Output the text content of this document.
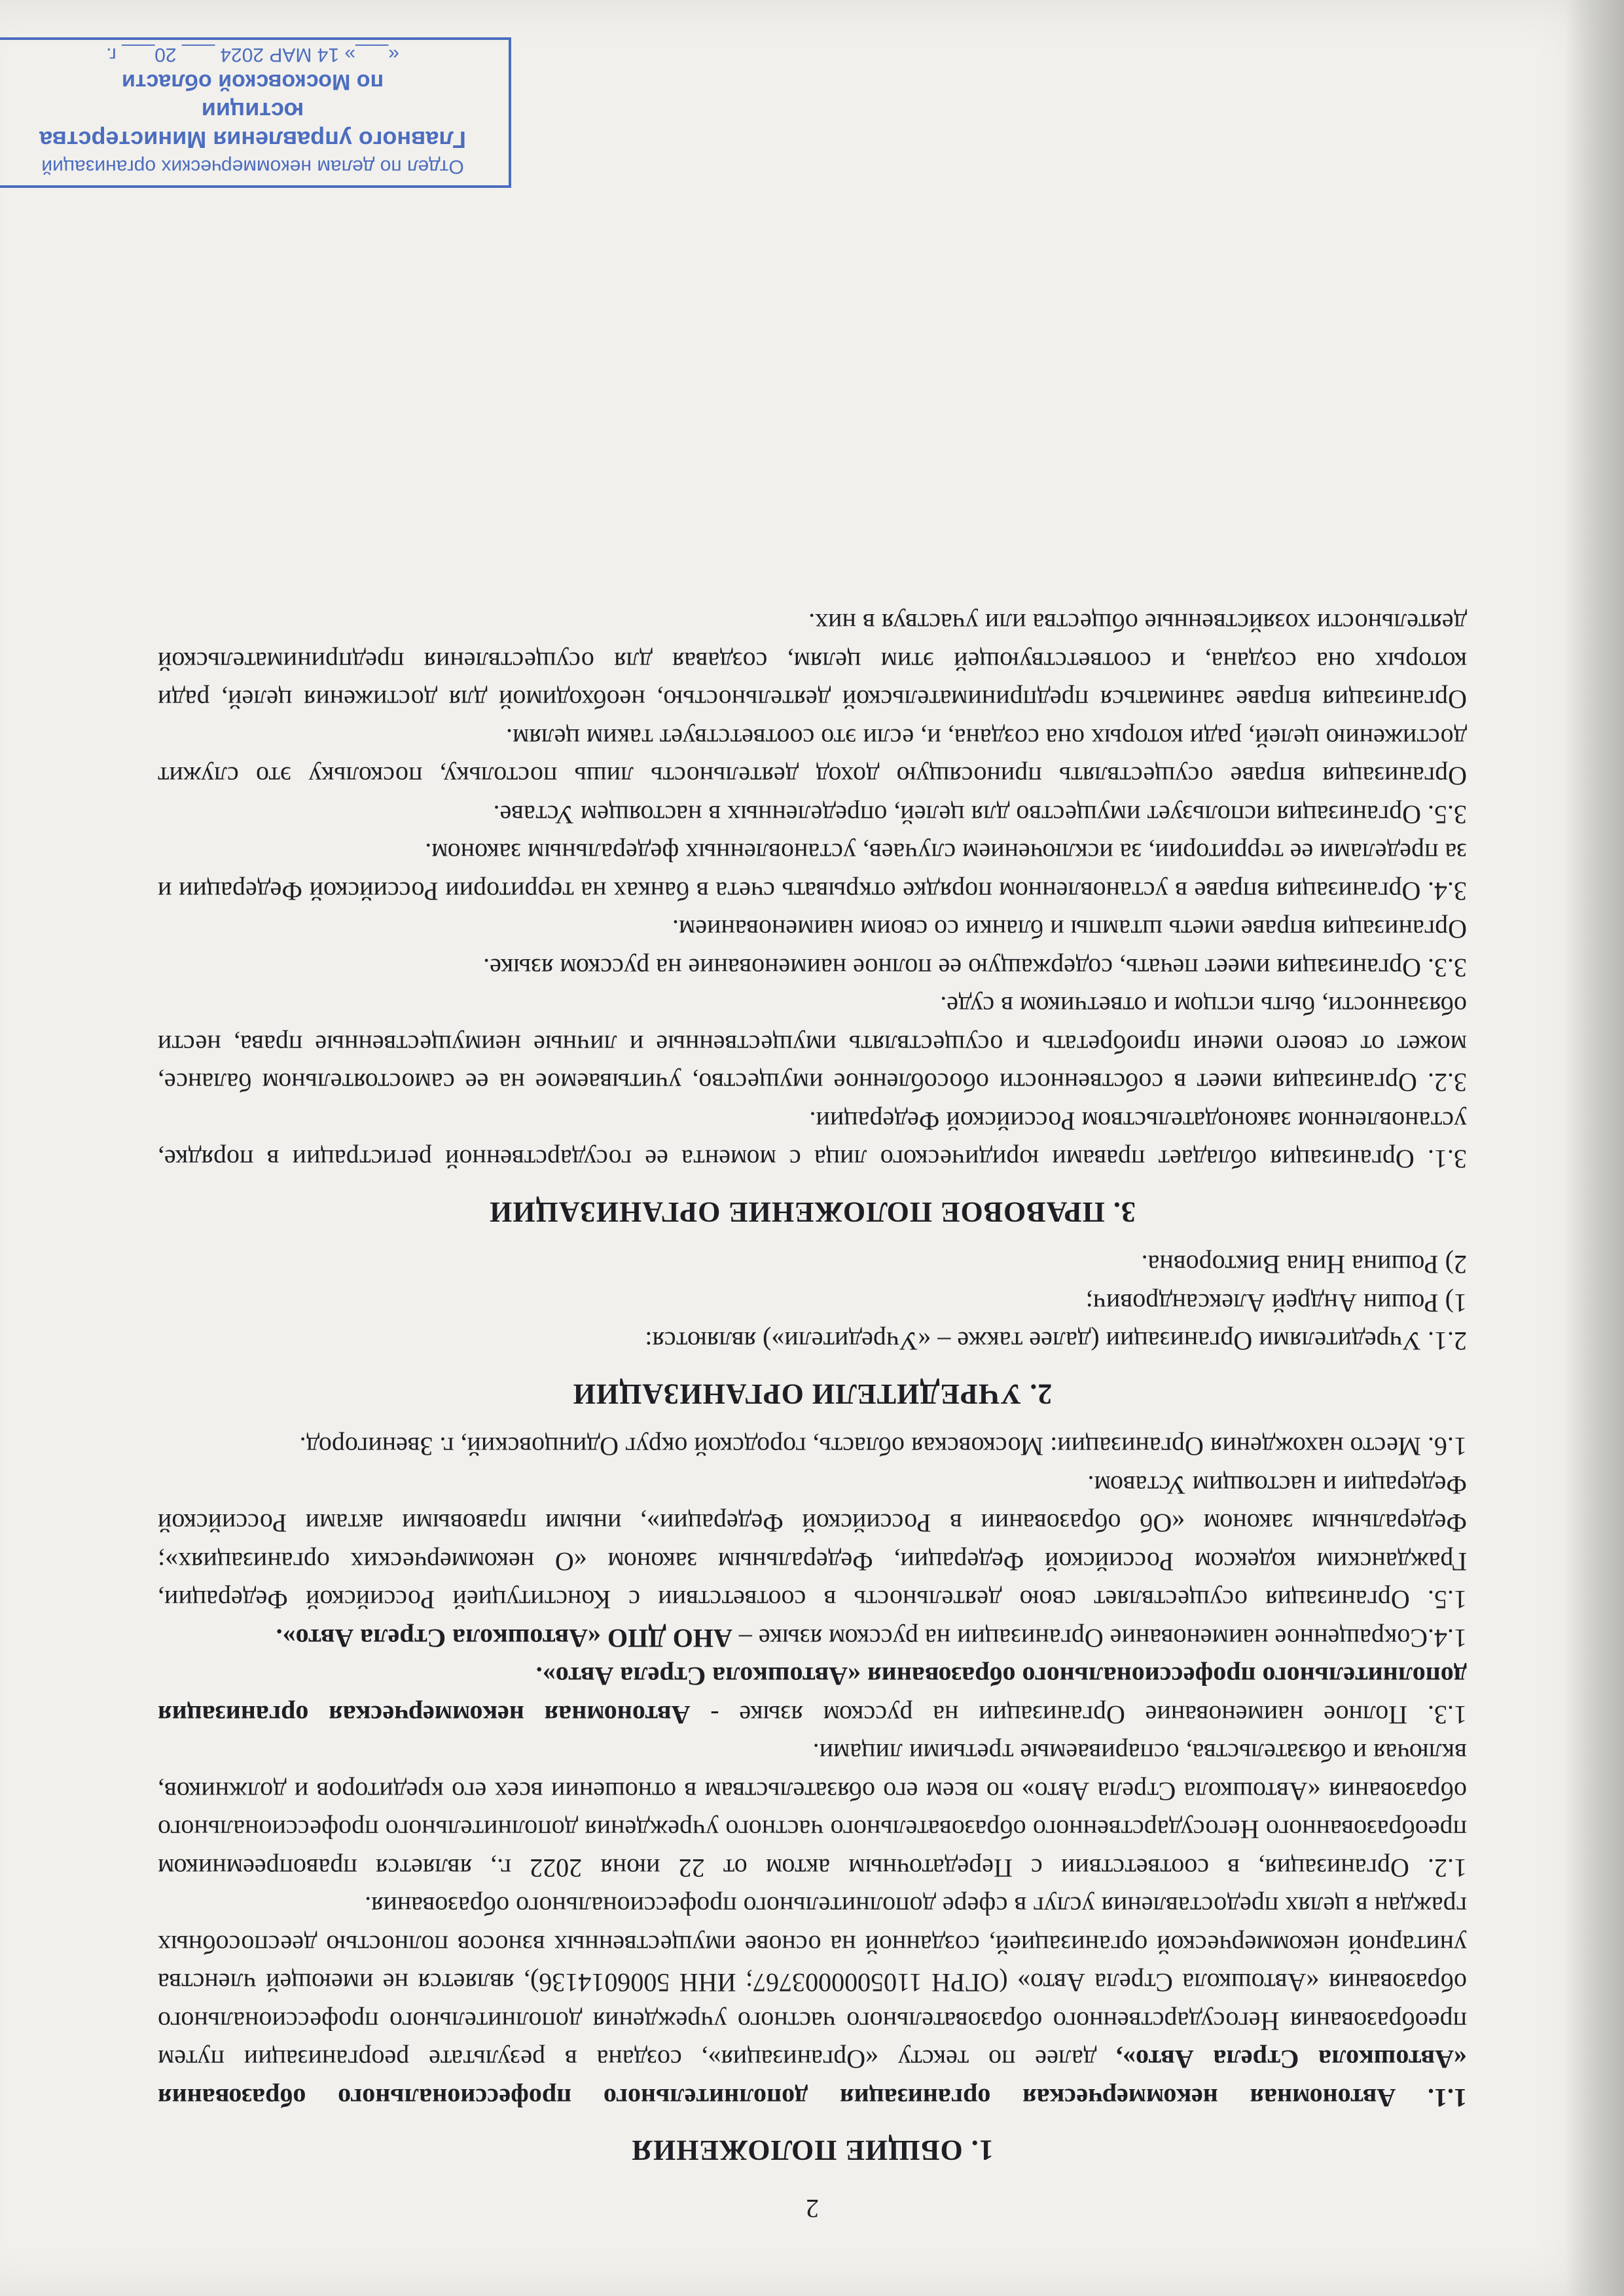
2
1. ОБЩИЕ ПОЛОЖЕНИЯ

1.1. Автономная некоммерческая организация дополнительного профессионального образования «Автошкола Стрела Авто», далее по тексту «Организация», создана в результате реорганизации путем преобразования Негосударственного образовательного частного учреждения дополнительного профессионального образования «Автошкола Стрела Авто» (ОГРН 1105000003767; ИНН 5006014136), является не имеющей членства унитарной некоммерческой организацией, созданной на основе имущественных взносов полностью дееспособных граждан в целях предоставления услуг в сфере дополнительного профессионального образования.

1.2. Организация, в соответствии с Передаточным актом от 22 июня 2022 г., является правопреемником преобразованного Негосударственного образовательного частного учреждения дополнительного профессионального образования «Автошкола Стрела Авто» по всем его обязательствам в отношении всех его кредиторов и должников, включая и обязательства, оспариваемые третьими лицами.

1.3. Полное наименование Организации на русском языке - Автономная некоммерческая организация дополнительного профессионального образования «Автошкола Стрела Авто».

1.4.Сокращенное наименование Организации на русском языке – АНО ДПО «Автошкола Стрела Авто».

1.5. Организация осуществляет свою деятельность в соответствии с Конституцией Российской Федерации, Гражданским кодексом Российской Федерации, Федеральным законом «О некоммерческих организациях»; Федеральным законом «Об образовании в Российской Федерации», иными правовыми актами Российской Федерации и настоящим Уставом.

1.6. Место нахождения Организации: Московская область, городской округ Одинцовский, г. Звенигород.

2. УЧРЕДИТЕЛИ ОРГАНИЗАЦИИ

2.1. Учредителями Организации (далее также – «Учредители») являются:

1) Рошин Андрей Александрович;

2) Рошина Нина Викторовна.

3. ПРАВОВОЕ ПОЛОЖЕНИЕ ОРГАНИЗАЦИИ

3.1. Организация обладает правами юридического лица с момента ее государственной регистрации в порядке, установленном законодательством Российской Федерации.

3.2. Организация имеет в собственности обособленное имущество, учитываемое на ее самостоятельном балансе, может от своего имени приобретать и осуществлять имущественные и личные неимущественные права, нести обязанности, быть истцом и ответчиком в суде.

3.3. Организация имеет печать, содержащую ее полное наименование на русском языке.

Организация вправе иметь штампы и бланки со своим наименованием.

3.4. Организация вправе в установленном порядке открывать счета в банках на территории Российской Федерации и за пределами ее территории, за исключением случаев, установленных федеральным законом.

3.5. Организация использует имущество для целей, определенных в настоящем Уставе.

Организация вправе осуществлять приносящую доход деятельность лишь постольку, поскольку это служит достижению целей, ради которых она создана, и, если это соответствует таким целям.

Организация вправе заниматься предпринимательской деятельностью, необходимой для достижения целей, ради которых она создана, и соответствующей этим целям, создавая для осуществления предпринимательской деятельности хозяйственные общества или участвуя в них.

Отдел по делам некоммерческих организаций
Главного управления Министерства юстиции
по Московской области
«___» 14 МАР 2024 ___ 20___ г.
